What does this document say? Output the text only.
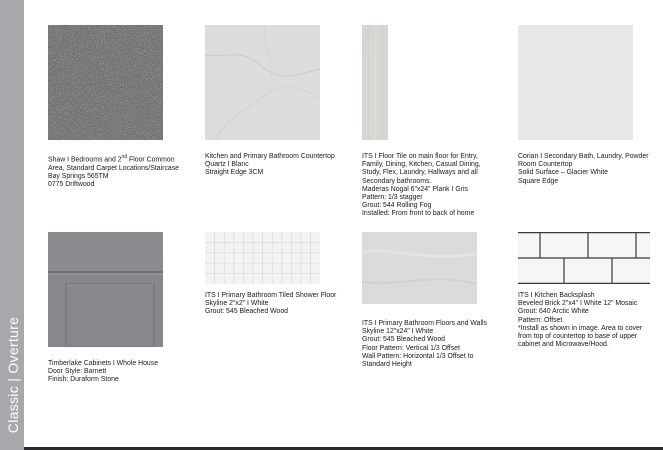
Classic | Overture
Shaw I Bedrooms and 2nd Floor Common
Area, Standard Carpet Locations/Staircase
Bay Springs 565TM
0775 Driftwood
Kitchen and Primary Bathroom Countertop
Quartz I Blanc
Straight Edge 3CM
ITS I Floor Tile on main floor for Entry,
Family, Dining, Kitchen, Casual Dining,
Study, Flex, Laundry, Hallways and all
Secondary bathrooms.
Maderas Nogal 6"x24" Plank I Gris
Pattern: 1/3 stagger
Grout: 544 Rolling Fog
Installed: From front to back of home
Corian I Secondary Bath, Laundry, Powder
Room Countertop
Solid Surface – Glacier White
Square Edge
Timberlake Cabinets I Whole House
Door Style: Barnett
Finish: Duraform Stone
ITS I Primary Bathroom Tiled Shower Floor
Skyline 2"x2" I White
Grout: 545 Bleached Wood
ITS I Primary Bathroom Floors and Walls
Skyline 12"x24" I White
Grout: 545 Bleached Wood
Floor Pattern: Vertical 1/3 Offset
Wall Pattern: Horizontal 1/3 Offset to
Standard Height
ITS I Kitchen Backsplash
Beveled Brick 2"x4" I White 12" Mosaic
Grout: 640 Arctic White
Pattern: Offset
*Install as shown in image. Area to cover
from top of countertop to base of upper
cabinet and Microwave/Hood.
